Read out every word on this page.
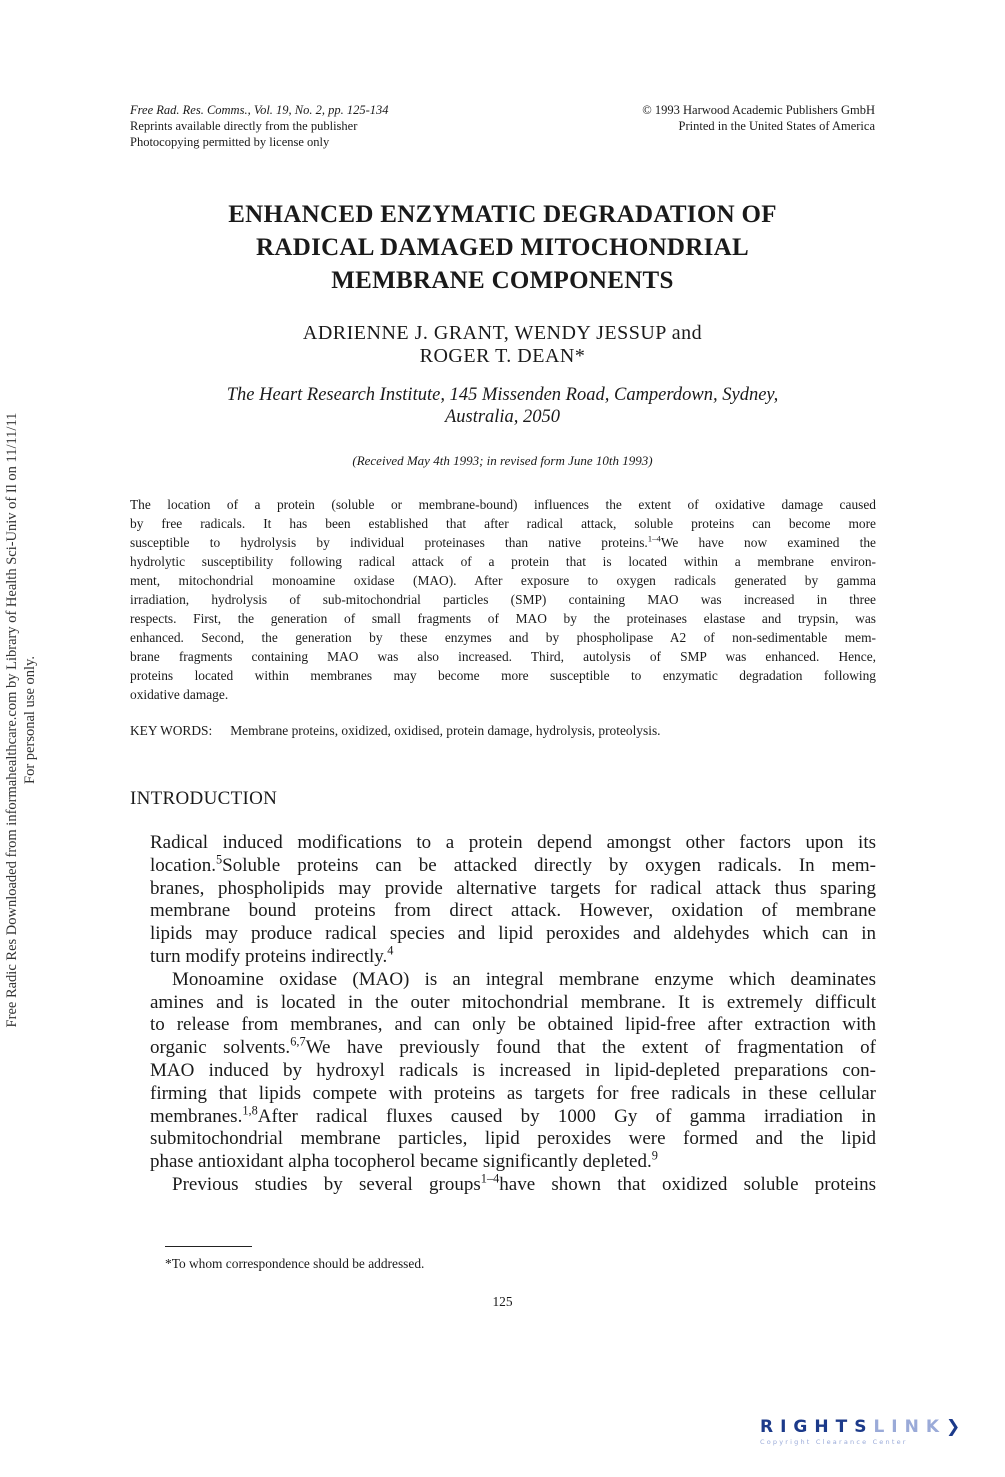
Free Rad. Res. Comms., Vol. 19, No. 2, pp. 125-134
Reprints available directly from the publisher
Photocopying permitted by license only
© 1993 Harwood Academic Publishers GmbH
Printed in the United States of America
ENHANCED ENZYMATIC DEGRADATION OF
RADICAL DAMAGED MITOCHONDRIAL
MEMBRANE COMPONENTS
ADRIENNE J. GRANT, WENDY JESSUP and
ROGER T. DEAN*
The Heart Research Institute, 145 Missenden Road, Camperdown, Sydney,
Australia, 2050
(Received May 4th 1993; in revised form June 10th 1993)
The location of a protein (soluble or membrane-bound) influences the extent of oxidative damage caused
by free radicals. It has been established that after radical attack, soluble proteins can become more
susceptible to hydrolysis by individual proteinases than native proteins.$^{1-4}$We have now examined the
hydrolytic susceptibility following radical attack of a protein that is located within a membrane environ-
ment, mitochondrial monoamine oxidase (MAO). After exposure to oxygen radicals generated by gamma
irradiation, hydrolysis of sub-mitochondrial particles (SMP) containing MAO was increased in three
respects. First, the generation of small fragments of MAO by the proteinases elastase and trypsin, was
enhanced. Second, the generation by these enzymes and by phospholipase A2 of non-sedimentable mem-
brane fragments containing MAO was also increased. Third, autolysis of SMP was enhanced. Hence,
proteins located within membranes may become more susceptible to enzymatic degradation following
oxidative damage.
KEY WORDS: Membrane proteins, oxidized, oxidised, protein damage, hydrolysis, proteolysis.
INTRODUCTION
Radical induced modifications to a protein depend amongst other factors upon its
location.$^5$Soluble proteins can be attacked directly by oxygen radicals. In mem-
branes, phospholipids may provide alternative targets for radical attack thus sparing
membrane bound proteins from direct attack. However, oxidation of membrane
lipids may produce radical species and lipid peroxides and aldehydes which can in
turn modify proteins indirectly.$^4$
Monoamine oxidase (MAO) is an integral membrane enzyme which deaminates
amines and is located in the outer mitochondrial membrane. It is extremely difficult
to release from membranes, and can only be obtained lipid-free after extraction with
organic solvents.$^{6,7}$We have previously found that the extent of fragmentation of
MAO induced by hydroxyl radicals is increased in lipid-depleted preparations con-
firming that lipids compete with proteins as targets for free radicals in these cellular
membranes.$^{1,8}$After radical fluxes caused by 1000 Gy of gamma irradiation in
submitochondrial membrane particles, lipid peroxides were formed and the lipid
phase antioxidant alpha tocopherol became significantly depleted.$^9$
Previous studies by several groups$^{1-4}$have shown that oxidized soluble proteins
*To whom correspondence should be addressed.
125
Free Radic Res Downloaded from informahealthcare.com by Library of Health Sci-Univ of Il on 11/11/11 For personal use only.
RIGHTSLINK❯
Copyright Clearance Center
